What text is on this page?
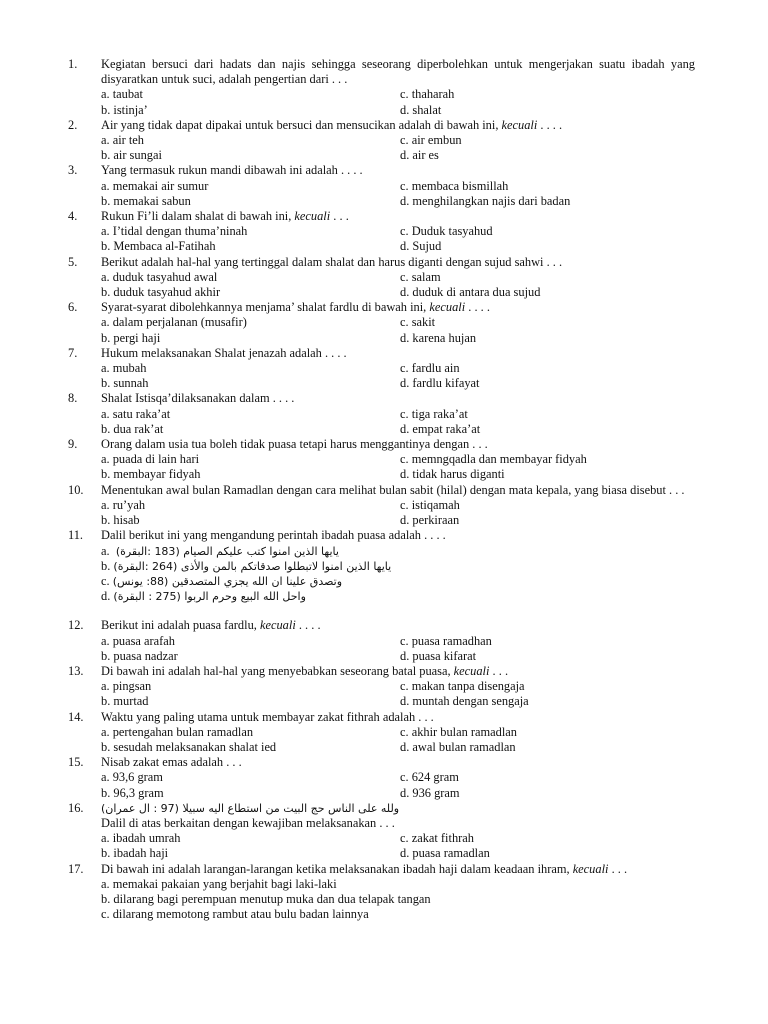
1.	Kegiatan bersuci dari hadats dan najis sehingga seseorang diperbolehkan untuk mengerjakan suatu ibadah yang disyaratkan untuk suci, adalah pengertian dari . . .
a. taubat	c. thaharah
b. istinja’	d. shalat
2.	Air yang tidak dapat dipakai untuk bersuci dan mensucikan adalah di bawah ini, kecuali . . . .
a. air teh	c. air embun
b. air sungai	d. air es
3.	Yang termasuk rukun mandi dibawah ini adalah . . . .
a. memakai air sumur	c. membaca bismillah
b. memakai sabun	d. menghilangkan najis dari badan
4.	Rukun Fi’li dalam shalat di bawah ini, kecuali . . .
a. I’tidal dengan thuma’ninah	c. Duduk tasyahud
b. Membaca al-Fatihah	d. Sujud
5.	Berikut adalah hal-hal yang tertinggal dalam shalat dan harus diganti dengan sujud sahwi . . .
a. duduk tasyahud awal	c. salam
b. duduk tasyahud akhir	d. duduk di antara dua sujud
6.	Syarat-syarat dibolehkannya menjama’ shalat fardlu di bawah ini, kecuali . . . .
a. dalam perjalanan (musafir)	c. sakit
b. pergi haji	d. karena hujan
7.	Hukum melaksanakan Shalat jenazah adalah . . . .
a. mubah	c. fardlu ain
b. sunnah	d. fardlu kifayat
8.	Shalat Istisqa’dilaksanakan dalam . . . .
a. satu raka’at	c. tiga raka’at
b. dua rak’at	d. empat raka’at
9.	Orang dalam usia tua boleh tidak puasa tetapi harus menggantinya dengan . . .
a. puada di lain hari	c. memngqadla dan membayar fidyah
b. membayar fidyah	d. tidak harus diganti
10.	Menentukan awal bulan Ramadlan dengan cara melihat bulan sabit (hilal) dengan mata kepala, yang biasa disebut . . .
a. ru’yah	c. istiqamah
b. hisab	d. perkiraan
11.	Dalil berikut ini yang mengandung perintah ibadah puasa adalah . . . .
a.	يايها الذين امنوا كتب عليكم الصيام (183 :البقرة)
b.	يايها الذين امنوا لاتبطلوا صدقاتكم بالمن والأذى (264 :البقرة)
c.	وتصدق علينا ان الله يجزي المتصدقين (88: يونس)
d.	واحل الله البيع وحرم الربوا (275 : البقرة)
12.	Berikut ini adalah puasa fardlu, kecuali . . . .
a. puasa arafah	c. puasa ramadhan
b. puasa nadzar	d. puasa kifarat
13.	Di bawah ini adalah hal-hal yang menyebabkan seseorang batal puasa, kecuali . . .
a. pingsan	c. makan tanpa disengaja
b. murtad	d. muntah dengan sengaja
14.	Waktu yang paling utama untuk membayar zakat fithrah adalah . . .
a. pertengahan bulan ramadlan	c. akhir bulan ramadlan
b. sesudah melaksanakan shalat ied	d. awal bulan ramadlan
15.	Nisab zakat emas adalah . . .
a. 93,6 gram	c. 624 gram
b. 96,3 gram	d. 936 gram
16.	ولله على الناس حج البيت من استطاع اليه سبيلا (97 : ال عمران)
Dalil di atas berkaitan dengan kewajiban melaksanakan . . .
a. ibadah umrah	c. zakat fithrah
b. ibadah haji	d. puasa ramadlan
17.	Di bawah ini adalah larangan-larangan ketika melaksanakan ibadah haji dalam keadaan ihram, kecuali . . .
a. memakai pakaian yang berjahit bagi laki-laki
b. dilarang bagi perempuan menutup muka dan dua telapak tangan
c. dilarang memotong rambut atau bulu badan lainnya
